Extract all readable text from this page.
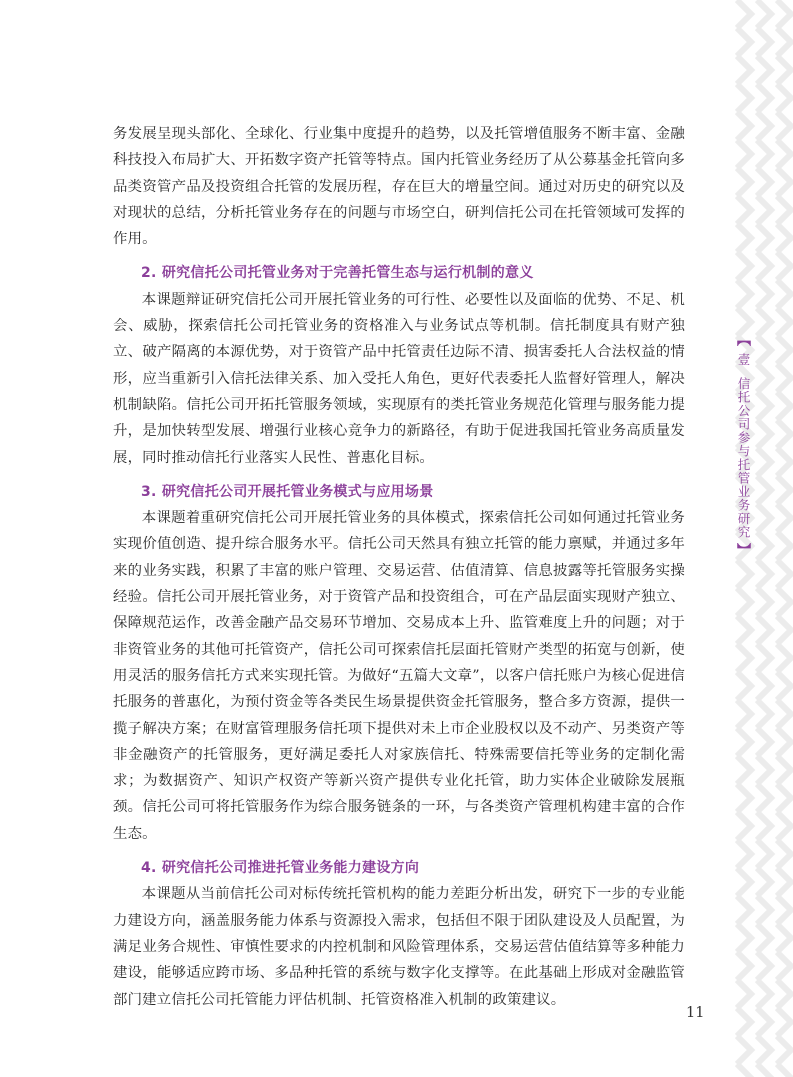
务发展呈现头部化、全球化、行业集中度提升的趋势，以及托管增值服务不断丰富、金融科技投入布局扩大、开拓数字资产托管等特点。国内托管业务经历了从公募基金托管向多品类资管产品及投资组合托管的发展历程，存在巨大的增量空间。通过对历史的研究以及对现状的总结，分析托管业务存在的问题与市场空白，研判信托公司在托管领域可发挥的作用。

2. 研究信托公司托管业务对于完善托管生态与运行机制的意义

本课题辩证研究信托公司开展托管业务的可行性、必要性以及面临的优势、不足、机会、威胁，探索信托公司托管业务的资格准入与业务试点等机制。信托制度具有财产独立、破产隔离的本源优势，对于资管产品中托管责任边际不清、损害委托人合法权益的情形，应当重新引入信托法律关系、加入受托人角色，更好代表委托人监督好管理人，解决机制缺陷。信托公司开拓托管服务领域，实现原有的类托管业务规范化管理与服务能力提升，是加快转型发展、增强行业核心竞争力的新路径，有助于促进我国托管业务高质量发展，同时推动信托行业落实人民性、普惠化目标。

3. 研究信托公司开展托管业务模式与应用场景

本课题着重研究信托公司开展托管业务的具体模式，探索信托公司如何通过托管业务实现价值创造、提升综合服务水平。信托公司天然具有独立托管的能力禀赋，并通过多年来的业务实践，积累了丰富的账户管理、交易运营、估值清算、信息披露等托管服务实操经验。信托公司开展托管业务，对于资管产品和投资组合，可在产品层面实现财产独立、保障规范运作，改善金融产品交易环节增加、交易成本上升、监管难度上升的问题；对于非资管业务的其他可托管资产，信托公司可探索信托层面托管财产类型的拓宽与创新，使用灵活的服务信托方式来实现托管。为做好“五篇大文章”，以客户信托账户为核心促进信托服务的普惠化，为预付资金等各类民生场景提供资金托管服务，整合多方资源，提供一揽子解决方案；在财富管理服务信托项下提供对未上市企业股权以及不动产、另类资产等非金融资产的托管服务，更好满足委托人对家族信托、特殊需要信托等业务的定制化需求；为数据资产、知识产权资产等新兴资产提供专业化托管，助力实体企业破除发展瓶颈。信托公司可将托管服务作为综合服务链条的一环，与各类资产管理机构建丰富的合作生态。

4. 研究信托公司推进托管业务能力建设方向

本课题从当前信托公司对标传统托管机构的能力差距分析出发，研究下一步的专业能力建设方向，涵盖服务能力体系与资源投入需求，包括但不限于团队建设及人员配置，为满足业务合规性、审慎性要求的内控机制和风险管理体系，交易运营估值结算等多种能力建设，能够适应跨市场、多品种托管的系统与数字化支撑等。在此基础上形成对金融监管部门建立信托公司托管能力评估机制、托管资格准入机制的政策建议。

【
壹
信托公司参与托管业务研究
】
11
